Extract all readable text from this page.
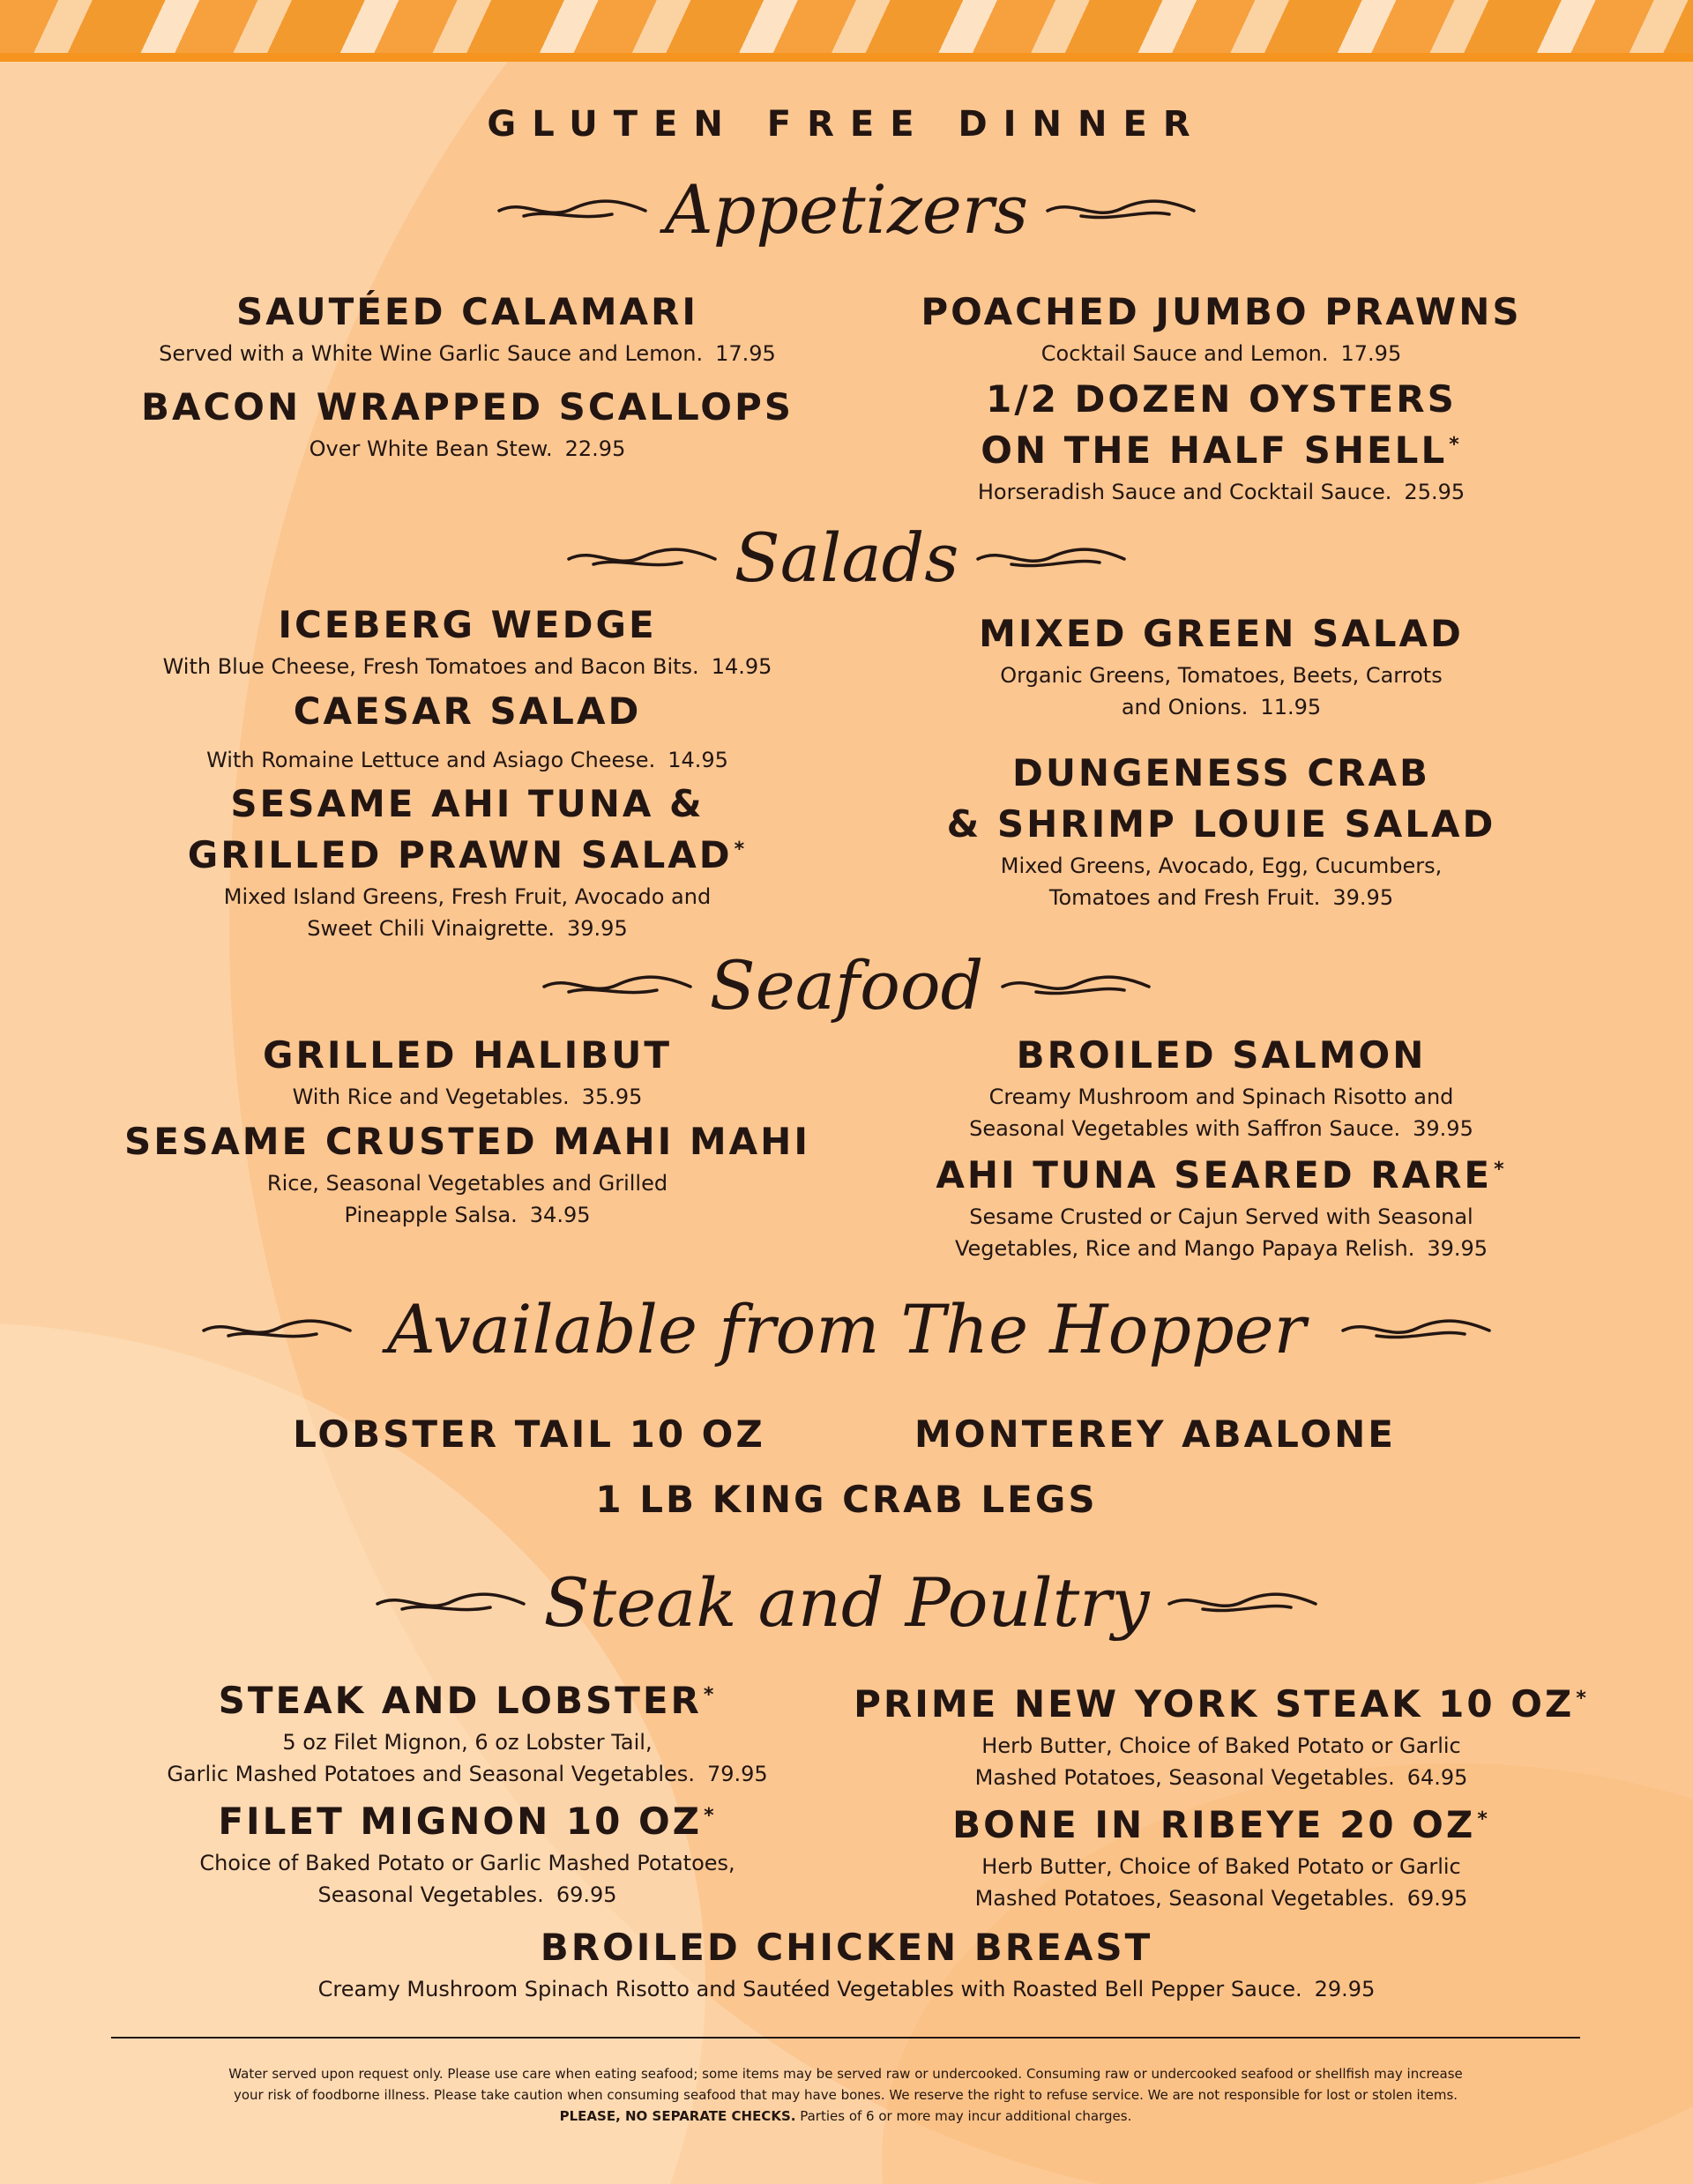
GLUTEN FREE DINNER
Appetizers
SAUTÉED CALAMARI
Served with a White Wine Garlic Sauce and Lemon. 17.95
BACON WRAPPED SCALLOPS
Over White Bean Stew. 22.95
POACHED JUMBO PRAWNS
Cocktail Sauce and Lemon. 17.95
1/2 DOZEN OYSTERS
ON THE HALF SHELL*
Horseradish Sauce and Cocktail Sauce. 25.95
Salads
ICEBERG WEDGE
With Blue Cheese, Fresh Tomatoes and Bacon Bits. 14.95
CAESAR SALAD
With Romaine Lettuce and Asiago Cheese. 14.95
SESAME AHI TUNA &
GRILLED PRAWN SALAD*
Mixed Island Greens, Fresh Fruit, Avocado and
Sweet Chili Vinaigrette. 39.95
MIXED GREEN SALAD
Organic Greens, Tomatoes, Beets, Carrots
and Onions. 11.95
DUNGENESS CRAB
& SHRIMP LOUIE SALAD
Mixed Greens, Avocado, Egg, Cucumbers,
Tomatoes and Fresh Fruit. 39.95
Seafood
GRILLED HALIBUT
With Rice and Vegetables. 35.95
SESAME CRUSTED MAHI MAHI
Rice, Seasonal Vegetables and Grilled
Pineapple Salsa. 34.95
BROILED SALMON
Creamy Mushroom and Spinach Risotto and
Seasonal Vegetables with Saffron Sauce. 39.95
AHI TUNA SEARED RARE*
Sesame Crusted or Cajun Served with Seasonal
Vegetables, Rice and Mango Papaya Relish. 39.95
Available from The Hopper
LOBSTER TAIL 10 OZ	MONTEREY ABALONE
1 LB KING CRAB LEGS
Steak and Poultry
STEAK AND LOBSTER*
5 oz Filet Mignon, 6 oz Lobster Tail,
Garlic Mashed Potatoes and Seasonal Vegetables. 79.95
FILET MIGNON 10 OZ*
Choice of Baked Potato or Garlic Mashed Potatoes,
Seasonal Vegetables. 69.95
PRIME NEW YORK STEAK 10 OZ*
Herb Butter, Choice of Baked Potato or Garlic
Mashed Potatoes, Seasonal Vegetables. 64.95
BONE IN RIBEYE 20 OZ*
Herb Butter, Choice of Baked Potato or Garlic
Mashed Potatoes, Seasonal Vegetables. 69.95
BROILED CHICKEN BREAST
Creamy Mushroom Spinach Risotto and Sautéed Vegetables with Roasted Bell Pepper Sauce. 29.95
Water served upon request only. Please use care when eating seafood; some items may be served raw or undercooked. Consuming raw or undercooked seafood or shellfish may increase
your risk of foodborne illness. Please take caution when consuming seafood that may have bones. We reserve the right to refuse service. We are not responsible for lost or stolen items.
PLEASE, NO SEPARATE CHECKS. Parties of 6 or more may incur additional charges.
